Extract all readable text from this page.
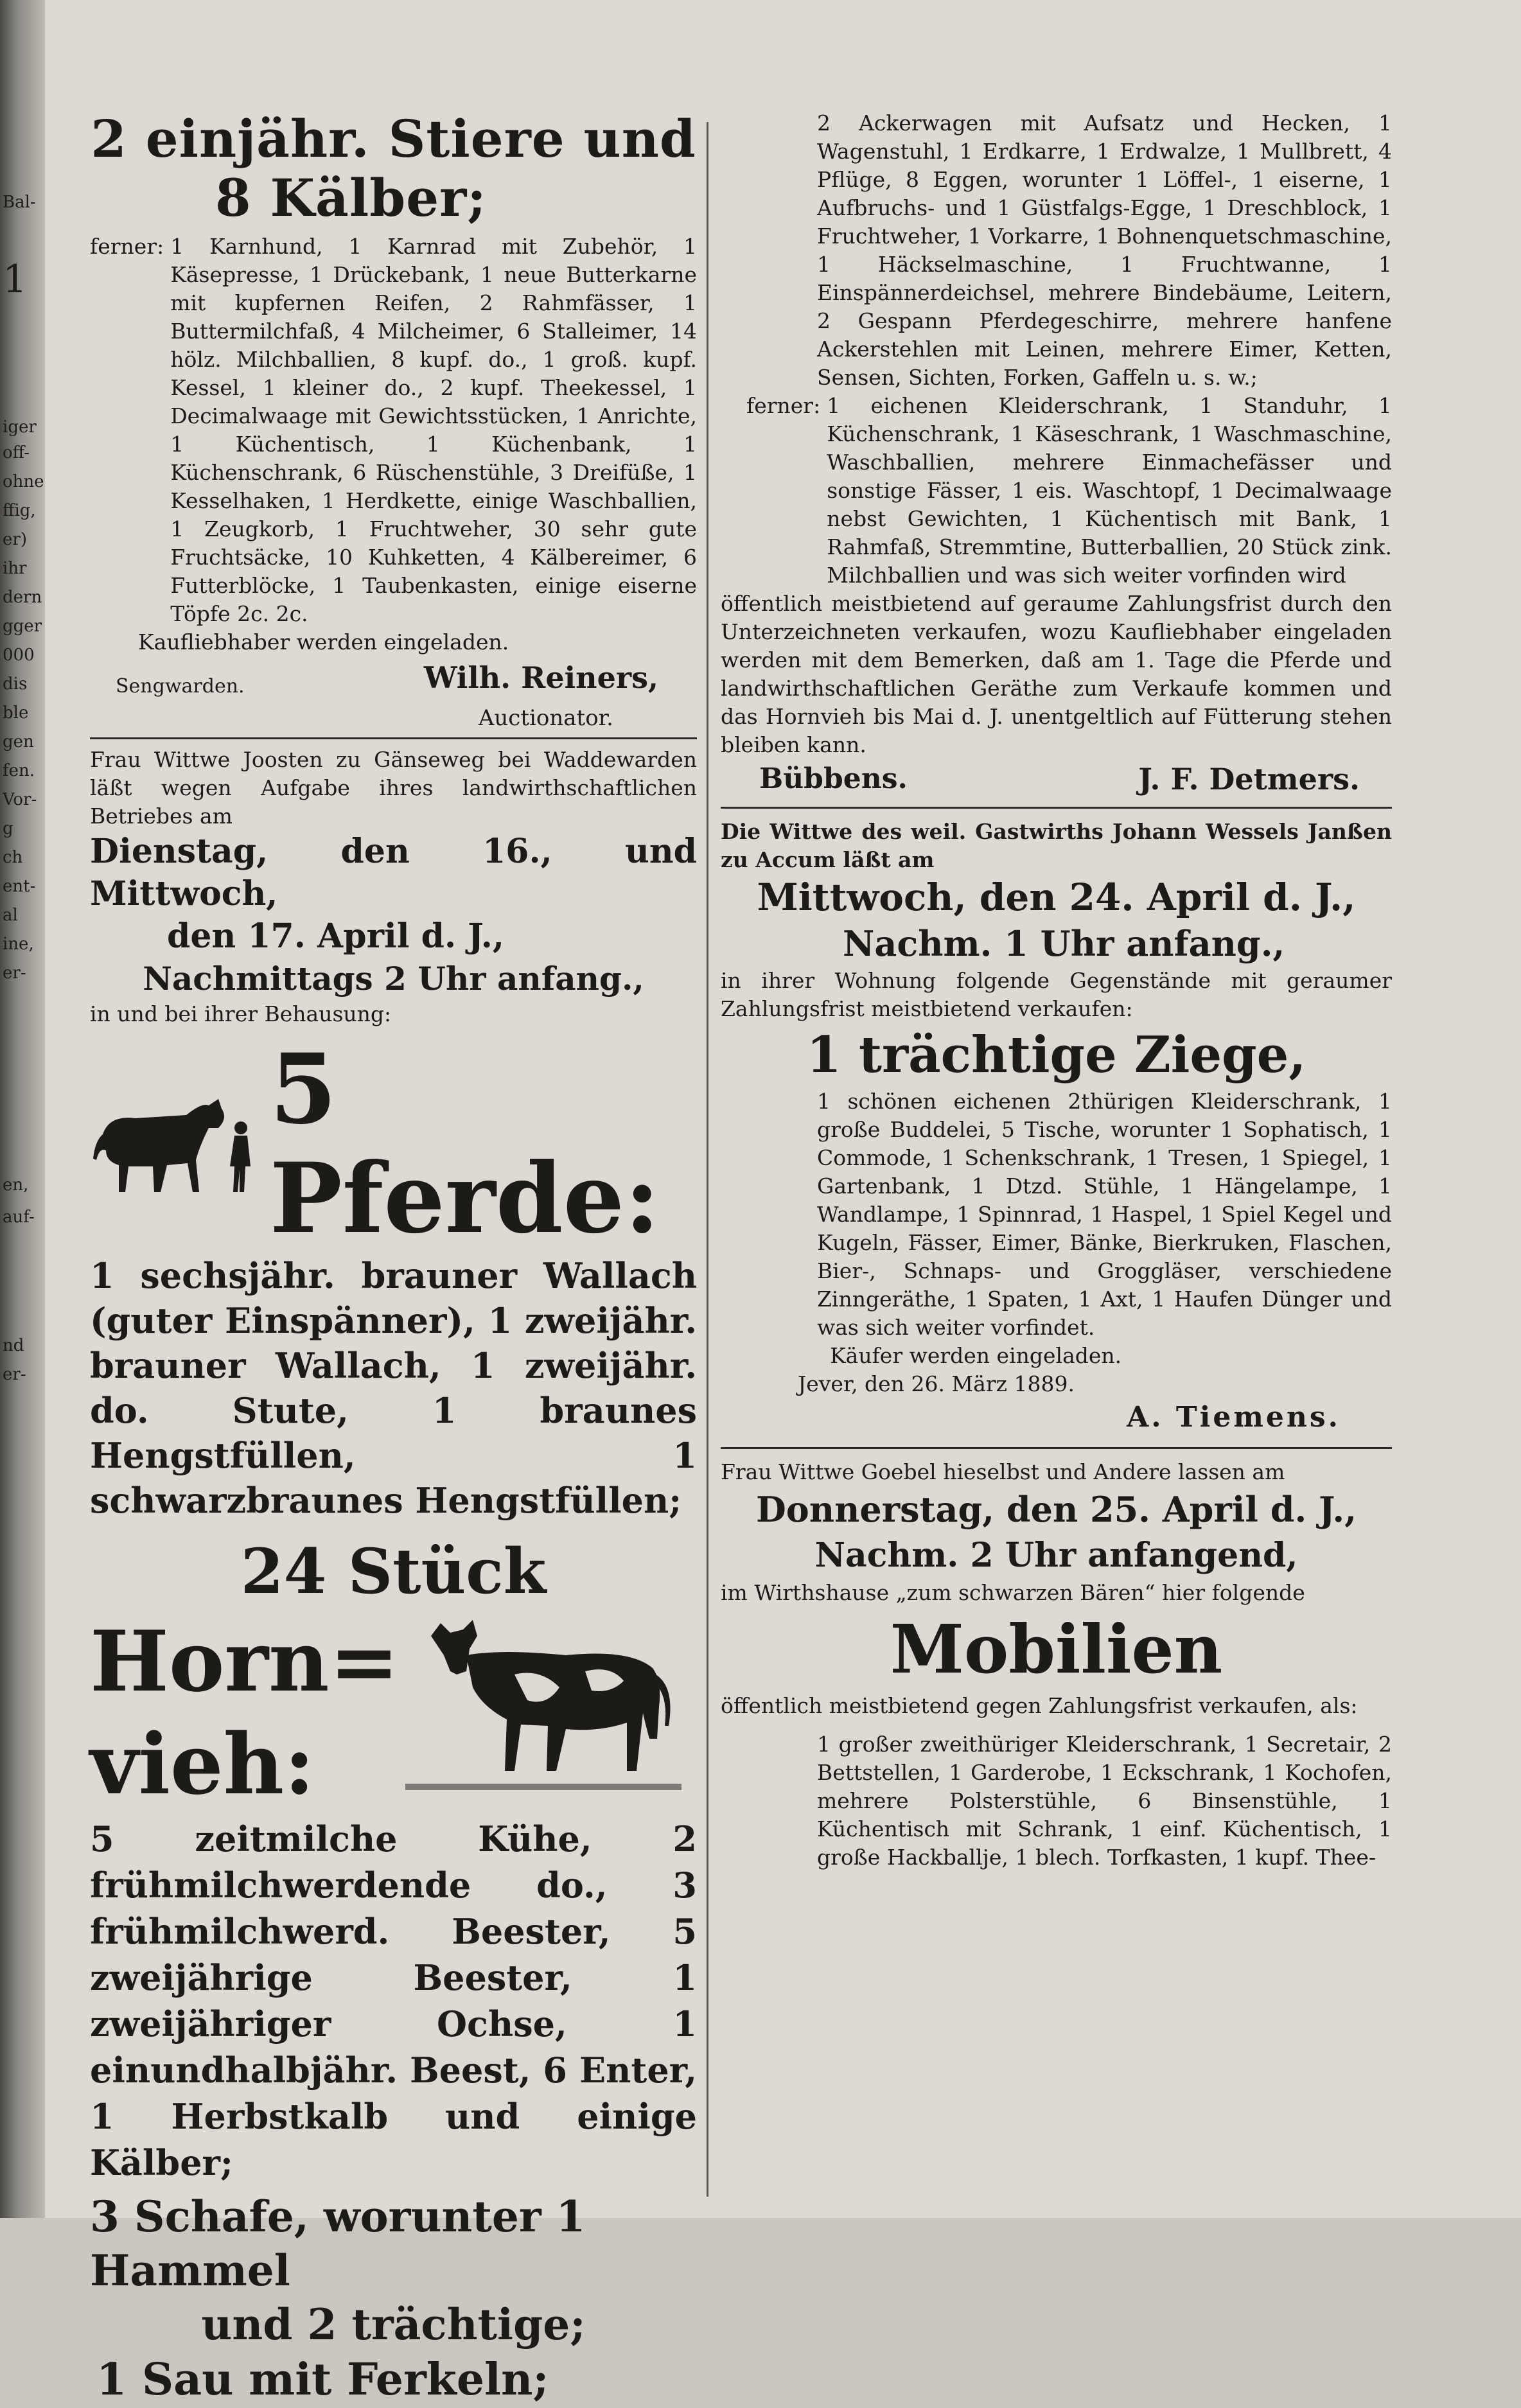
Bal-
1
iger
off-
ohne
ffig,
er)
ihr
dern
gger
000
dis
ble
gen
fen.
Vor-
g
ch
ent-
al
ine,
er-
en,
auf-
nd
er-
2 einjähr. Stiere und
8 Kälber;
ferner: 1 Karnhund, 1 Karnrad mit Zubehör, 1 Käsepresse, 1 Drückebank, 1 neue Butterkarne mit kupfernen Reifen, 2 Rahmfässer, 1 Buttermilchfaß, 4 Milcheimer, 6 Stalleimer, 14 hölz. Milchballien, 8 kupf. do., 1 groß. kupf. Kessel, 1 kleiner do., 2 kupf. Theekessel, 1 Decimalwaage mit Gewichtsstücken, 1 Anrichte, 1 Küchentisch, 1 Küchenbank, 1 Küchenschrank, 6 Rüschenstühle, 3 Dreifüße, 1 Kesselhaken, 1 Herdkette, einige Waschballien, 1 Zeugkorb, 1 Fruchtweher, 30 sehr gute Fruchtsäcke, 10 Kuhketten, 4 Kälbereimer, 6 Futterblöcke, 1 Taubenkasten, einige eiserne Töpfe 2c. 2c.
Kaufliebhaber werden eingeladen.
Sengwarden.	Wilh. Reiners,
Auctionator.
Frau Wittwe Joosten zu Gänseweg bei Waddewarden läßt wegen Aufgabe ihres landwirthschaftlichen Betriebes am
Dienstag, den 16., und Mittwoch,
den 17. April d. J.,
Nachmittags 2 Uhr anfang.,
in und bei ihrer Behausung:
5 Pferde:
1 sechsjähr. brauner Wallach (guter Einspänner), 1 zweijähr. brauner Wallach, 1 zweijähr. do. Stute, 1 braunes Hengstfüllen, 1 schwarzbraunes Hengstfüllen;
24 Stück
Horn=
vieh:
5 zeitmilche Kühe, 2 frühmilchwerdende do., 3 frühmilchwerd. Beester, 5 zweijährige Beester, 1 zweijähriger Ochse, 1 einundhalbjähr. Beest, 6 Enter, 1 Herbstkalb und einige Kälber;
3 Schafe, worunter 1 Hammel
und 2 trächtige;
1 Sau mit Ferkeln;
2 Ackerwagen mit Aufsatz und Hecken, 1 Wagenstuhl, 1 Erdkarre, 1 Erdwalze, 1 Mullbrett, 4 Pflüge, 8 Eggen, worunter 1 Löffel-, 1 eiserne, 1 Aufbruchs- und 1 Güstfalgs-Egge, 1 Dreschblock, 1 Fruchtweher, 1 Vorkarre, 1 Bohnenquetschmaschine, 1 Häckselmaschine, 1 Fruchtwanne, 1 Einspännerdeichsel, mehrere Bindebäume, Leitern, 2 Gespann Pferdegeschirre, mehrere hanfene Ackerstehlen mit Leinen, mehrere Eimer, Ketten, Sensen, Sichten, Forken, Gaffeln u. s. w.;
ferner: 1 eichenen Kleiderschrank, 1 Standuhr, 1 Küchenschrank, 1 Käseschrank, 1 Waschmaschine, Waschballien, mehrere Einmachefässer und sonstige Fässer, 1 eis. Waschtopf, 1 Decimalwaage nebst Gewichten, 1 Küchentisch mit Bank, 1 Rahmfaß, Stremmtine, Butterballien, 20 Stück zink. Milchballien und was sich weiter vorfinden wird
öffentlich meistbietend auf geraume Zahlungsfrist durch den Unterzeichneten verkaufen, wozu Kaufliebhaber eingeladen werden mit dem Bemerken, daß am 1. Tage die Pferde und landwirthschaftlichen Geräthe zum Verkaufe kommen und das Hornvieh bis Mai d. J. unentgeltlich auf Fütterung stehen bleiben kann.
Bübbens.	J. F. Detmers.
Die Wittwe des weil. Gastwirths Johann Wessels Janßen zu Accum läßt am
Mittwoch, den 24. April d. J.,
Nachm. 1 Uhr anfang.,
in ihrer Wohnung folgende Gegenstände mit geraumer Zahlungsfrist meistbietend verkaufen:
1 trächtige Ziege,
1 schönen eichenen 2thürigen Kleiderschrank, 1 große Buddelei, 5 Tische, worunter 1 Sophatisch, 1 Commode, 1 Schenkschrank, 1 Tresen, 1 Spiegel, 1 Gartenbank, 1 Dtzd. Stühle, 1 Hängelampe, 1 Wandlampe, 1 Spinnrad, 1 Haspel, 1 Spiel Kegel und Kugeln, Fässer, Eimer, Bänke, Bierkruken, Flaschen, Bier-, Schnaps- und Groggläser, verschiedene Zinngeräthe, 1 Spaten, 1 Axt, 1 Haufen Dünger und was sich weiter vorfindet.
Käufer werden eingeladen.
Jever, den 26. März 1889.
A. Tiemens.
Frau Wittwe Goebel hieselbst und Andere lassen am
Donnerstag, den 25. April d. J.,
Nachm. 2 Uhr anfangend,
im Wirthshause „zum schwarzen Bären“ hier folgende
Mobilien
öffentlich meistbietend gegen Zahlungsfrist verkaufen, als:
1 großer zweithüriger Kleiderschrank, 1 Secretair, 2 Bettstellen, 1 Garderobe, 1 Eckschrank, 1 Kochofen, mehrere Polsterstühle, 6 Binsenstühle, 1 Küchentisch mit Schrank, 1 einf. Küchentisch, 1 große Hackballje, 1 blech. Torfkasten, 1 kupf. Thee-
